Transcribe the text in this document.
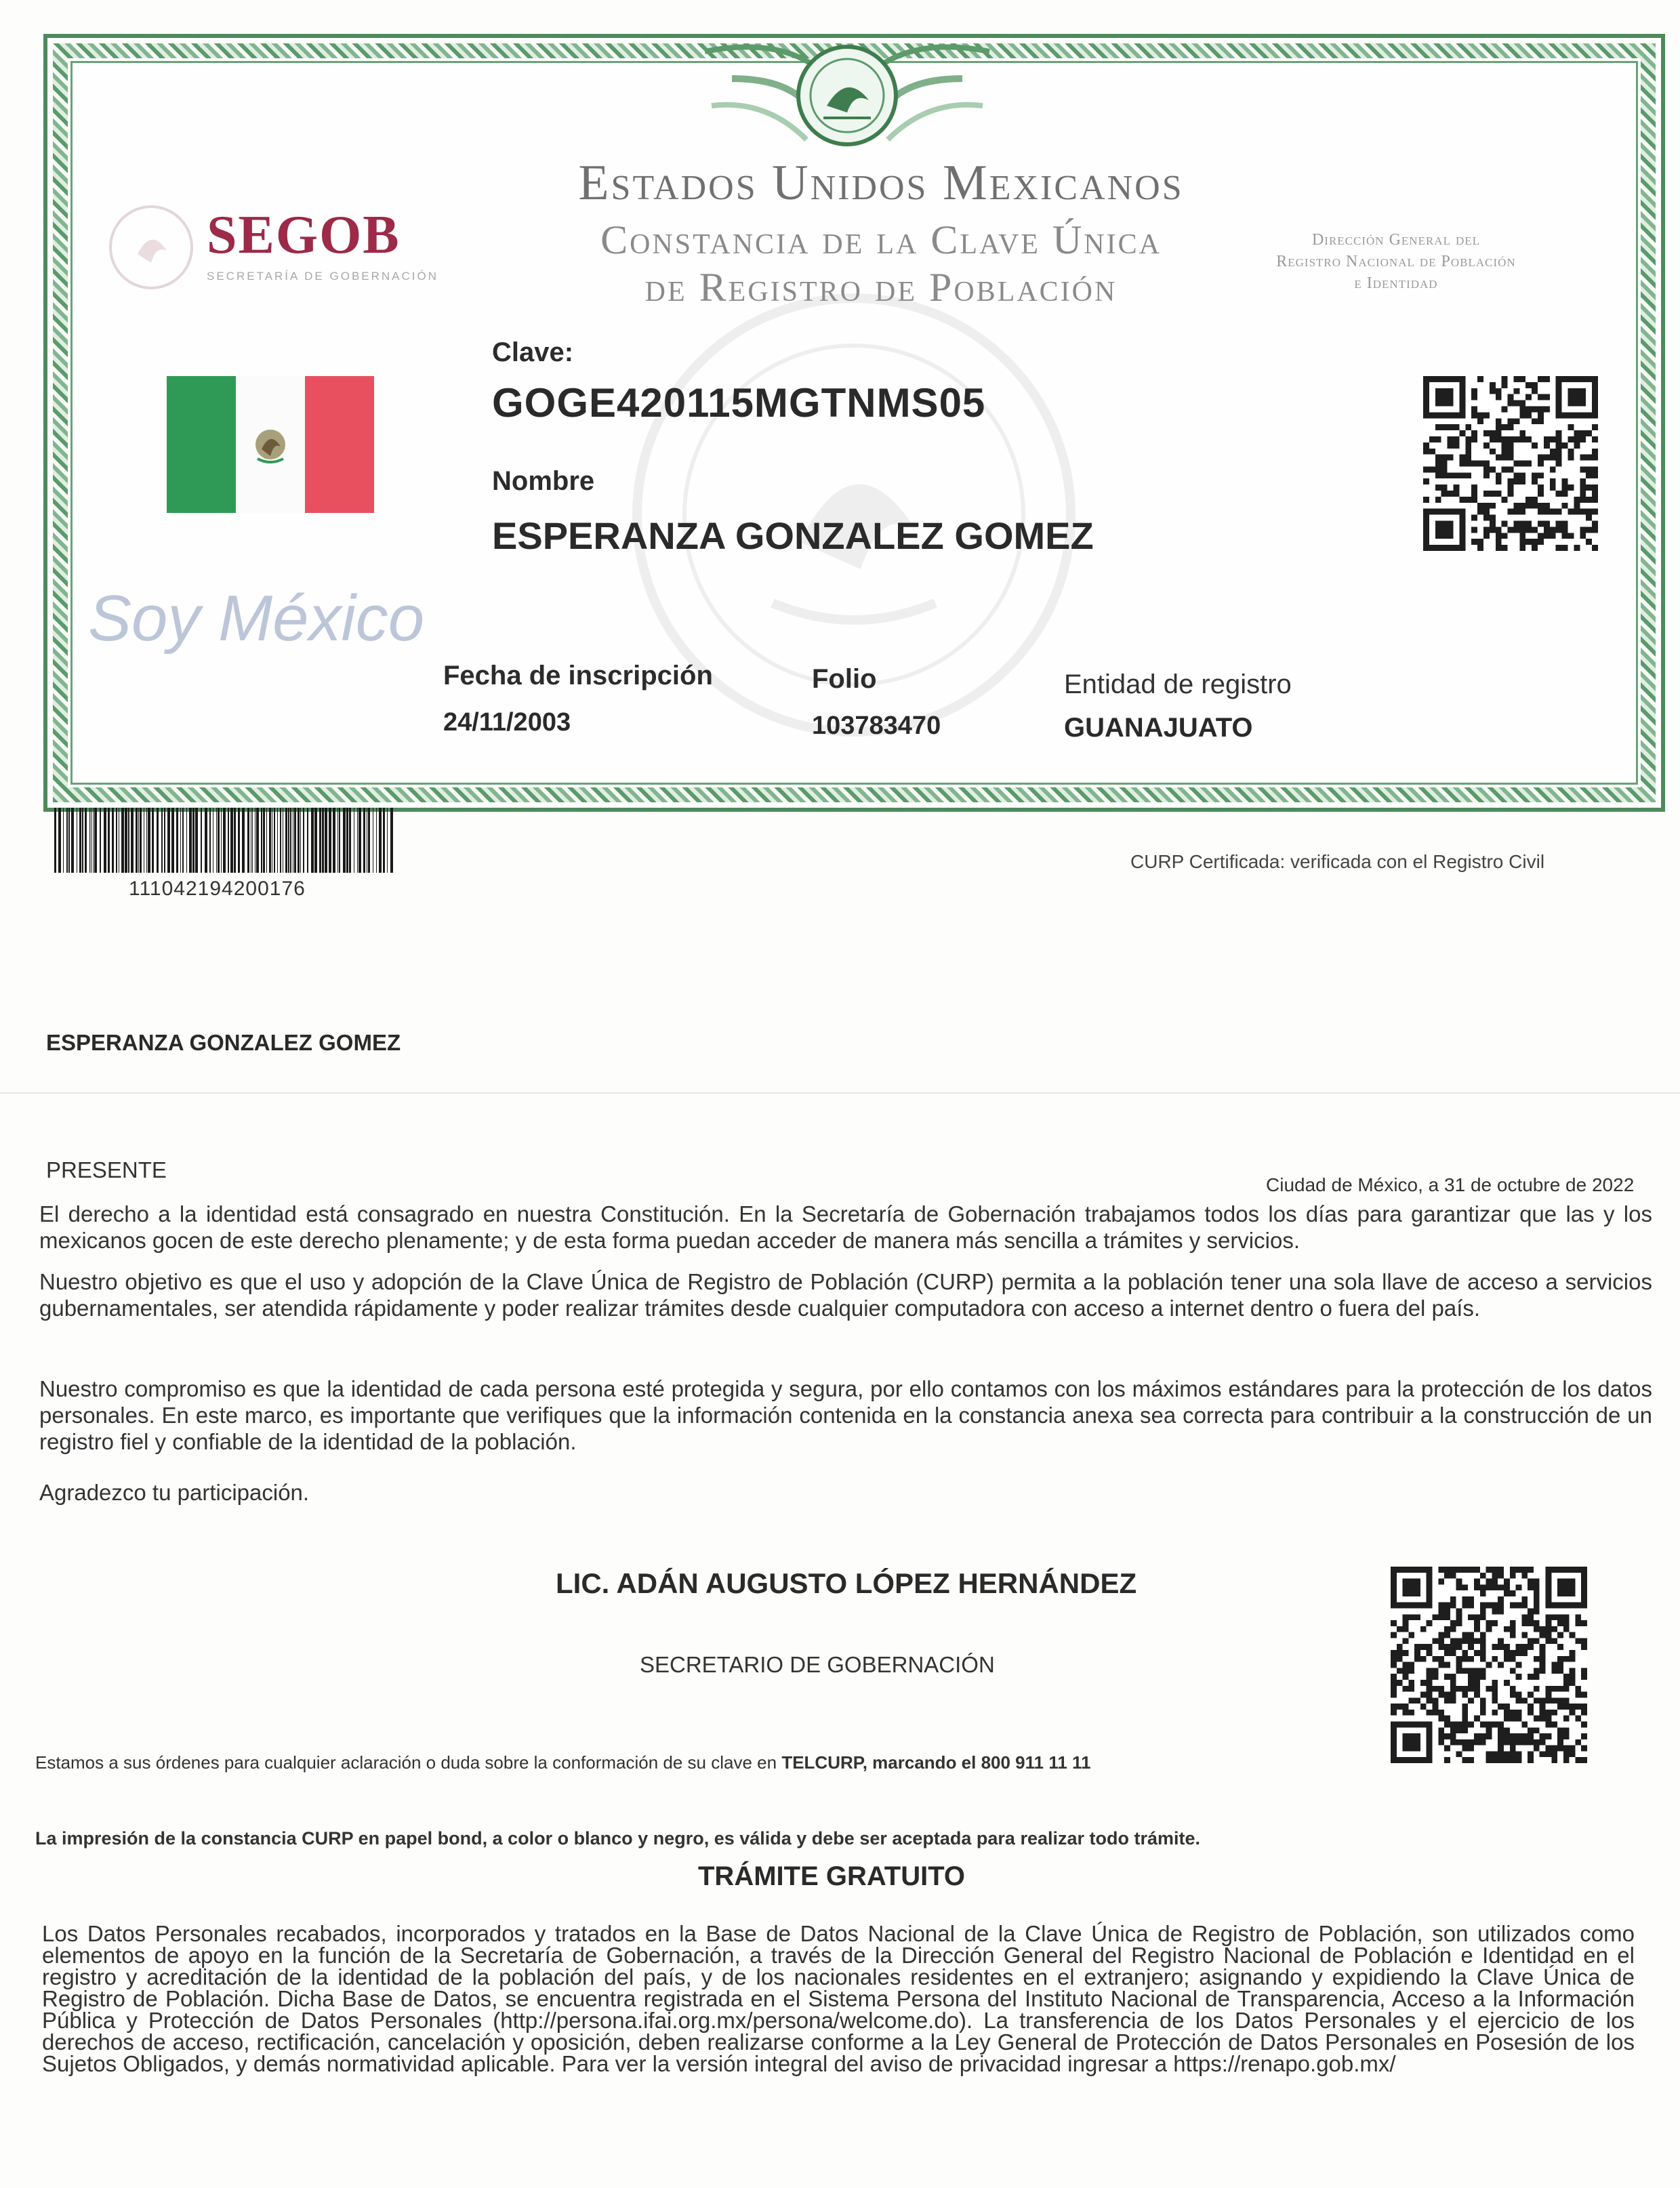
SEGOB
SECRETARÍA DE GOBERNACIÓN
Estados Unidos Mexicanos
Constancia de la Clave Única
de Registro de Población
Dirección General del
Registro Nacional de Población
e Identidad
Soy México
Clave:
GOGE420115MGTNMS05
Nombre
ESPERANZA GONZALEZ GOMEZ
Fecha de inscripción
24/11/2003
Folio
103783470
Entidad de registro
GUANAJUATO
111042194200176
CURP Certificada: verificada con el Registro Civil
ESPERANZA GONZALEZ GOMEZ
PRESENTE
Ciudad de México, a 31 de octubre de 2022
El derecho a la identidad está consagrado en nuestra Constitución. En la Secretaría de Gobernación trabajamos todos los días para garantizar que las y los mexicanos gocen de este derecho plenamente; y de esta forma puedan acceder de manera más sencilla a trámites y servicios.
Nuestro objetivo es que el uso y adopción de la Clave Única de Registro de Población (CURP) permita a la población tener una sola llave de acceso a servicios gubernamentales, ser atendida rápidamente y poder realizar trámites desde cualquier computadora con acceso a internet dentro o fuera del país.
Nuestro compromiso es que la identidad de cada persona esté protegida y segura, por ello contamos con los máximos estándares para la protección de los datos personales. En este marco, es importante que verifiques que la información contenida en la constancia anexa sea correcta para contribuir a la construcción de un registro fiel y confiable de la identidad de la población.
Agradezco tu participación.
LIC. ADÁN AUGUSTO LÓPEZ HERNÁNDEZ
SECRETARIO DE GOBERNACIÓN
Estamos a sus órdenes para cualquier aclaración o duda sobre la conformación de su clave en TELCURP, marcando el 800 911 11 11
La impresión de la constancia CURP en papel bond, a color o blanco y negro, es válida y debe ser aceptada para realizar todo trámite.
TRÁMITE GRATUITO
Los Datos Personales recabados, incorporados y tratados en la Base de Datos Nacional de la Clave Única de Registro de Población, son utilizados como elementos de apoyo en la función de la Secretaría de Gobernación, a través de la Dirección General del Registro Nacional de Población e Identidad en el registro y acreditación de la identidad de la población del país, y de los nacionales residentes en el extranjero; asignando y expidiendo la Clave Única de Registro de Población. Dicha Base de Datos, se encuentra registrada en el Sistema Persona del Instituto Nacional de Transparencia, Acceso a la Información Pública y Protección de Datos Personales (http://persona.ifai.org.mx/persona/welcome.do). La transferencia de los Datos Personales y el ejercicio de los derechos de acceso, rectificación, cancelación y oposición, deben realizarse conforme a la Ley General de Protección de Datos Personales en Posesión de los Sujetos Obligados, y demás normatividad aplicable. Para ver la versión integral del aviso de privacidad ingresar a https://renapo.gob.mx/
